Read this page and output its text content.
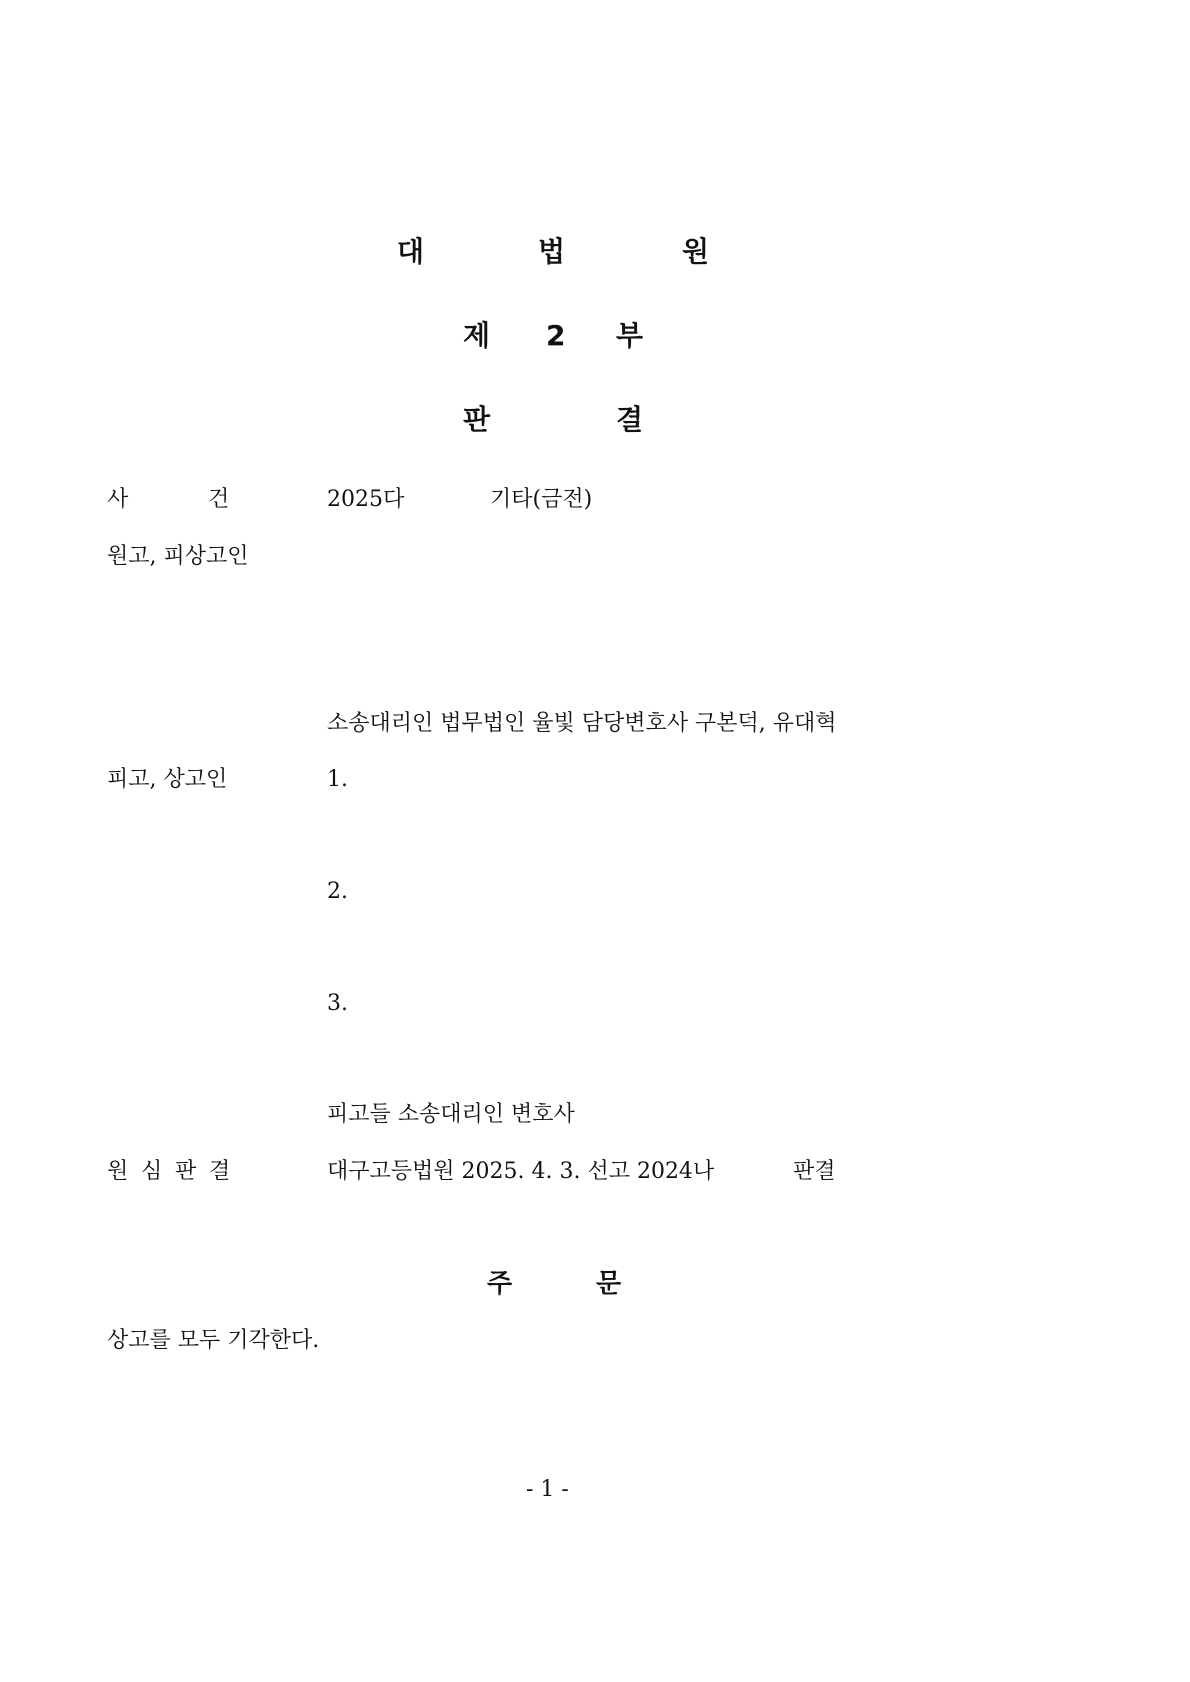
대	법	원
제 2 부
판	결
사	건	2025다	기타(금전)
원고, 피상고인
소송대리인 법무법인 율빛 담당변호사 구본덕, 유대혁
피고, 상고인	1.
2.
3.
피고들 소송대리인 변호사
원 심 판 결	대구고등법원 2025. 4. 3. 선고 2024나	판결
주	문
상고를 모두 기각한다.
- 1 -
